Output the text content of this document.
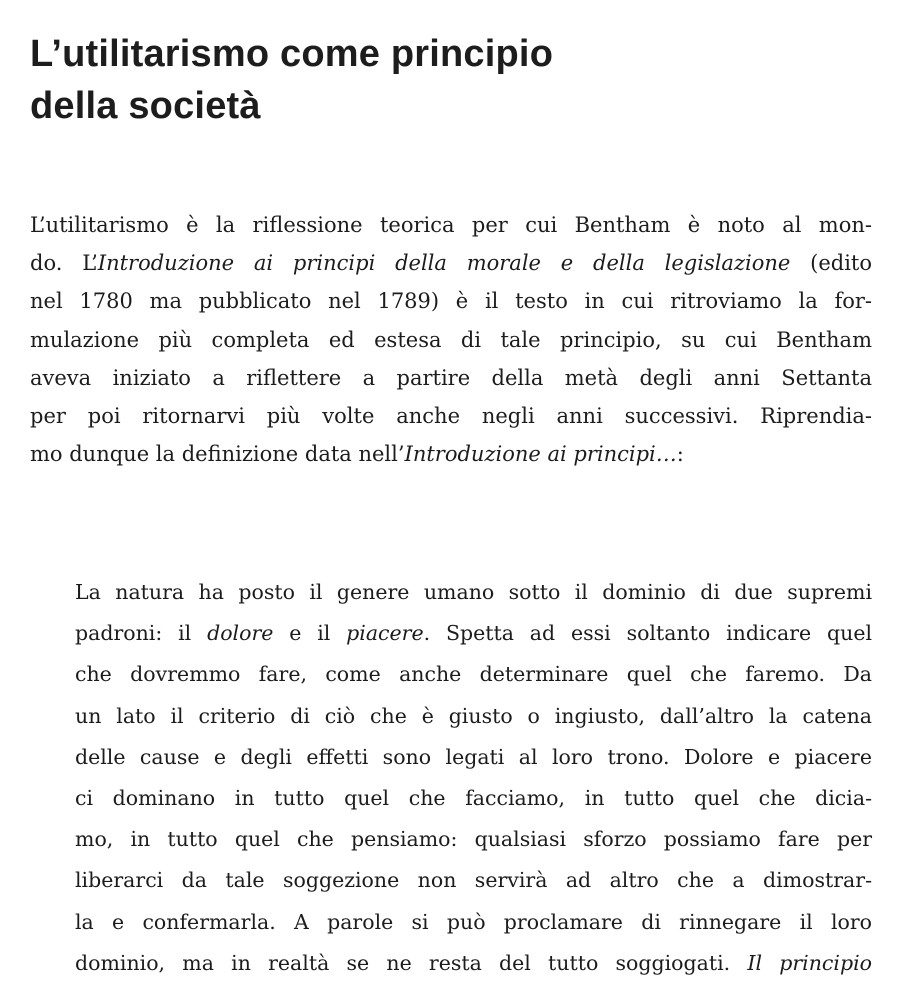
L’utilitarismo come principio
della società
L’utilitarismo è la riflessione teorica per cui Bentham è noto al mon-
do. L’Introduzione ai principi della morale e della legislazione (edito
nel 1780 ma pubblicato nel 1789) è il testo in cui ritroviamo la for-
mulazione più completa ed estesa di tale principio, su cui Bentham
aveva iniziato a riflettere a partire della metà degli anni Settanta
per poi ritornarvi più volte anche negli anni successivi. Riprendia-
mo dunque la definizione data nell’Introduzione ai principi…:
La natura ha posto il genere umano sotto il dominio di due supremi
padroni: il dolore e il piacere. Spetta ad essi soltanto indicare quel
che dovremmo fare, come anche determinare quel che faremo. Da
un lato il criterio di ciò che è giusto o ingiusto, dall’altro la catena
delle cause e degli effetti sono legati al loro trono. Dolore e piacere
ci dominano in tutto quel che facciamo, in tutto quel che dicia-
mo, in tutto quel che pensiamo: qualsiasi sforzo possiamo fare per
liberarci da tale soggezione non servirà ad altro che a dimostrar-
la e confermarla. A parole si può proclamare di rinnegare il loro
dominio, ma in realtà se ne resta del tutto soggiogati. Il principio
